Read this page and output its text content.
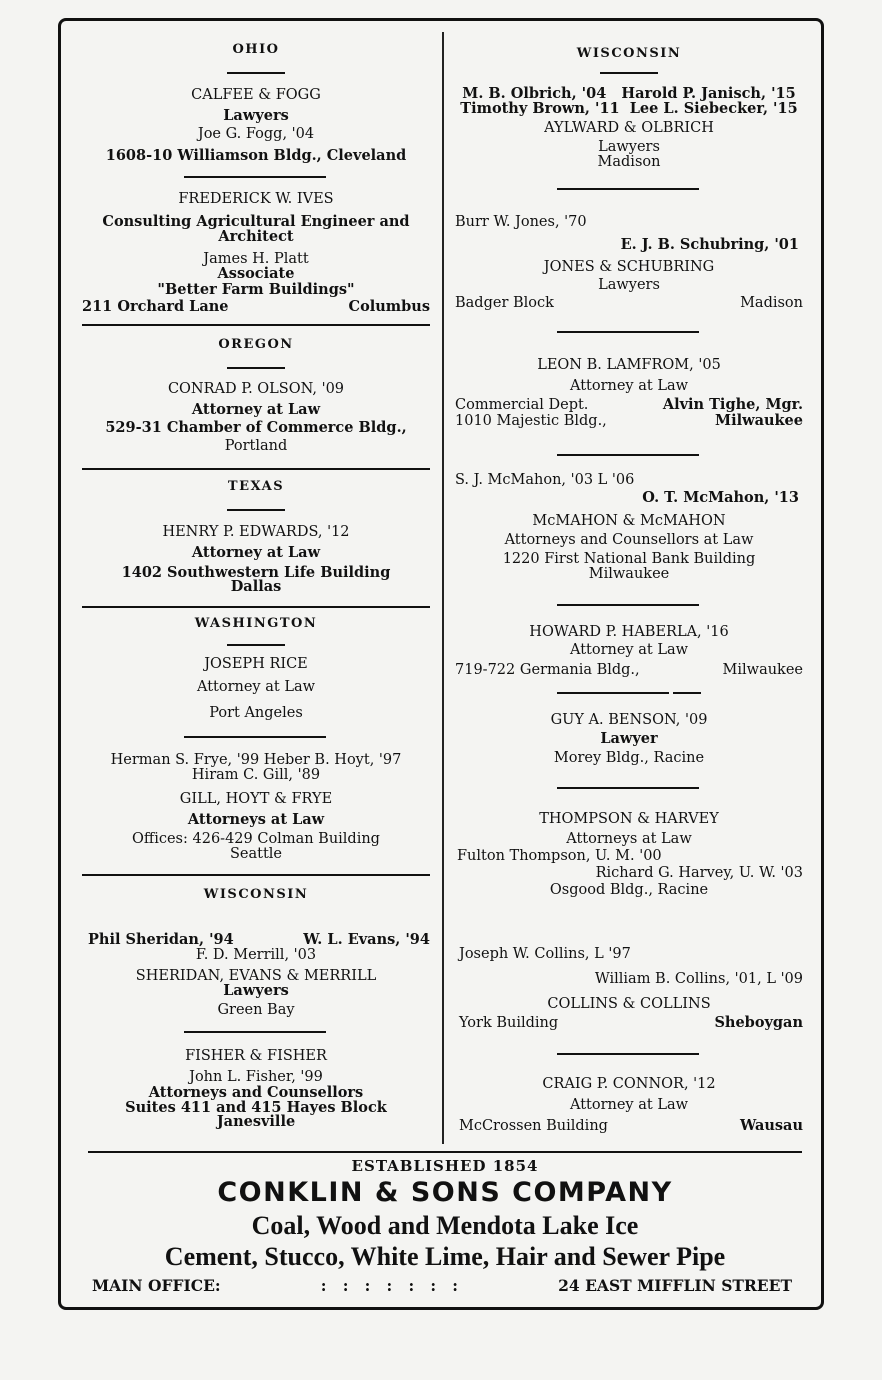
OHIO
CALFEE & FOGG
Lawyers
Joe G. Fogg, '04
1608-10 Williamson Bldg., Cleveland
FREDERICK W. IVES
Consulting Agricultural Engineer and
Architect
James H. Platt
Associate
"Better Farm Buildings"
211 Orchard Lane	Columbus
OREGON
CONRAD P. OLSON, '09
Attorney at Law
529-31 Chamber of Commerce Bldg.,
Portland
TEXAS
HENRY P. EDWARDS, '12
Attorney at Law
1402 Southwestern Life Building
Dallas
WASHINGTON
JOSEPH RICE
Attorney at Law
Port Angeles
Herman S. Frye, '99 Heber B. Hoyt, '97
Hiram C. Gill, '89
GILL, HOYT & FRYE
Attorneys at Law
Offices: 426-429 Colman Building
Seattle
WISCONSIN
Phil Sheridan, '94	W. L. Evans, '94
F. D. Merrill, '03
SHERIDAN, EVANS & MERRILL
Lawyers
Green Bay
FISHER & FISHER
John L. Fisher, '99
Attorneys and Counsellors
Suites 411 and 415 Hayes Block
Janesville
WISCONSIN
M. B. Olbrich, '04   Harold P. Janisch, '15
Timothy Brown, '11  Lee L. Siebecker, '15
AYLWARD & OLBRICH
Lawyers
Madison
Burr W. Jones, '70
E. J. B. Schubring, '01
JONES & SCHUBRING
Lawyers
Badger Block	Madison
LEON B. LAMFROM, '05
Attorney at Law
Commercial Dept.	Alvin Tighe, Mgr.
1010 Majestic Bldg.,	Milwaukee
S. J. McMahon, '03 L '06
O. T. McMahon, '13
McMAHON & McMAHON
Attorneys and Counsellors at Law
1220 First National Bank Building
Milwaukee
HOWARD P. HABERLA, '16
Attorney at Law
719-722 Germania Bldg.,	Milwaukee
GUY A. BENSON, '09
Lawyer
Morey Bldg., Racine
THOMPSON & HARVEY
Attorneys at Law
Fulton Thompson, U. M. '00
Richard G. Harvey, U. W. '03
Osgood Bldg., Racine
Joseph W. Collins, L '97
William B. Collins, '01, L '09
COLLINS & COLLINS
York Building	Sheboygan
CRAIG P. CONNOR, '12
Attorney at Law
McCrossen Building	Wausau
ESTABLISHED 1854
CONKLIN & SONS COMPANY
Coal, Wood and Mendota Lake Ice
Cement, Stucco, White Lime, Hair and Sewer Pipe
MAIN OFFICE:	:   :   :   :   :   :   :	24 EAST MIFFLIN STREET
